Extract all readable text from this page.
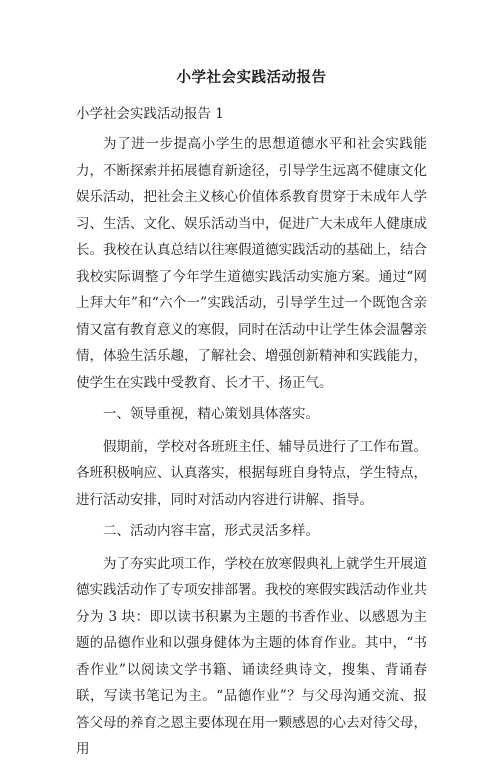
小学社会实践活动报告
小学社会实践活动报告 1

为了进一步提高小学生的思想道德水平和社会实践能力，不断探索并拓展德育新途径，引导学生远离不健康文化娱乐活动，把社会主义核心价值体系教育贯穿于未成年人学习、生活、文化、娱乐活动当中，促进广大未成年人健康成长。我校在认真总结以往寒假道德实践活动的基础上，结合我校实际调整了今年学生道德实践活动实施方案。通过“网上拜大年”和“六个一”实践活动，引导学生过一个既饱含亲情又富有教育意义的寒假，同时在活动中让学生体会温馨亲情，体验生活乐趣，了解社会、增强创新精神和实践能力，使学生在实践中受教育、长才干、扬正气。

一、领导重视，精心策划具体落实。

假期前，学校对各班班主任、辅导员进行了工作布置。各班积极响应、认真落实，根据每班自身特点，学生特点，进行活动安排，同时对活动内容进行讲解、指导。

二、活动内容丰富，形式灵活多样。

为了夯实此项工作，学校在放寒假典礼上就学生开展道德实践活动作了专项安排部署。我校的寒假实践活动作业共分为 3 块：即以读书积累为主题的书香作业、以感恩为主题的品德作业和以强身健体为主题的体育作业。其中，“书香作业”以阅读文学书籍、诵读经典诗文，搜集、背诵春联，写读书笔记为主。“品德作业”？与父母沟通交流、报答父母的养育之恩主要体现在用一颗感恩的心去对待父母，用
